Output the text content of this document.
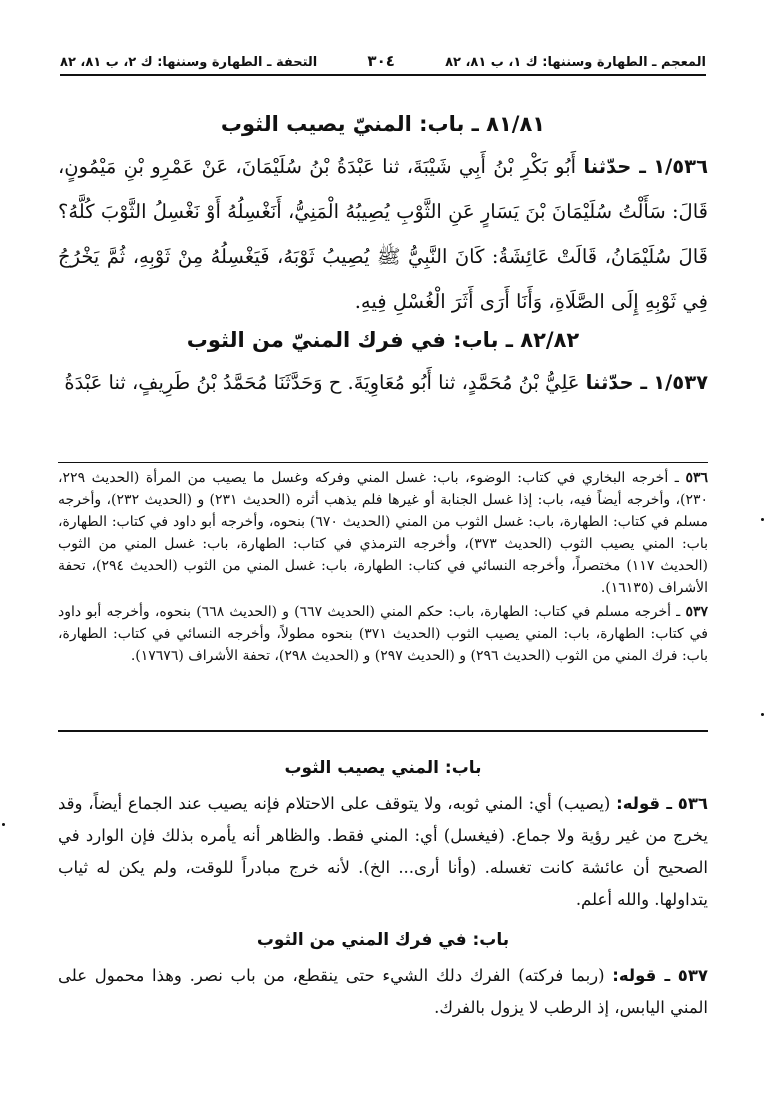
المعجم ـ الطهارة وسننها: ك ١، ب ٨١، ٨٢
٣٠٤
التحفة ـ الطهارة وسننها: ك ٢، ب ٨١، ٨٢
٨١/٨١ ـ باب: المنيّ يصيب الثوب

١/٥٣٦ ـ حدّثنا أَبُو بَكْرِ بْنُ أَبِي شَيْبَةَ، ثنا عَبْدَةُ بْنُ سُلَيْمَانَ، عَنْ عَمْرِو بْنِ مَيْمُونٍ، قَالَ: سَأَلْتُ سُلَيْمَانَ بْنَ يَسَارٍ عَنِ الثَّوْبِ يُصِيبُهُ الْمَنِيُّ، أَنَغْسِلُهُ أَوْ نَغْسِلُ الثَّوْبَ كُلَّهُ؟ قَالَ سُلَيْمَانُ، قَالَتْ عَائِشَةُ: كَانَ النَّبِيُّ ﷺ يُصِيبُ ثَوْبَهُ، فَيَغْسِلُهُ مِنْ ثَوْبِهِ، ثُمَّ يَخْرُجُ فِي ثَوْبِهِ إِلَى الصَّلَاةِ، وَأَنَا أَرَى أَثَرَ الْغُسْلِ فِيهِ.

٨٢/٨٢ ـ باب: في فرك المنيّ من الثوب

١/٥٣٧ ـ حدّثنا عَلِيُّ بْنُ مُحَمَّدٍ، ثنا أَبُو مُعَاوِيَةَ. ح وَحَدَّثَنَا مُحَمَّدُ بْنُ طَرِيفٍ، ثنا عَبْدَةُ

٥٣٦ ـ أخرجه البخاري في كتاب: الوضوء، باب: غسل المني وفركه وغسل ما يصيب من المرأة (الحديث ٢٢٩، ٢٣٠)، وأخرجه أيضاً فيه، باب: إذا غسل الجنابة أو غيرها فلم يذهب أثره (الحديث ٢٣١) و (الحديث ٢٣٢)، وأخرجه مسلم في كتاب: الطهارة، باب: غسل الثوب من المني (الحديث ٦٧٠) بنحوه، وأخرجه أبو داود في كتاب: الطهارة، باب: المني يصيب الثوب (الحديث ٣٧٣)، وأخرجه الترمذي في كتاب: الطهارة، باب: غسل المني من الثوب (الحديث ١١٧) مختصراً، وأخرجه النسائي في كتاب: الطهارة، باب: غسل المني من الثوب (الحديث ٢٩٤)، تحفة الأشراف (١٦١٣٥).

٥٣٧ ـ أخرجه مسلم في كتاب: الطهارة، باب: حكم المني (الحديث ٦٦٧) و (الحديث ٦٦٨) بنحوه، وأخرجه أبو داود في كتاب: الطهارة، باب: المني يصيب الثوب (الحديث ٣٧١) بنحوه مطولاً، وأخرجه النسائي في كتاب: الطهارة، باب: فرك المني من الثوب (الحديث ٢٩٦) و (الحديث ٢٩٧) و (الحديث ٢٩٨)، تحفة الأشراف (١٧٦٧٦).

باب: المني يصيب الثوب

٥٣٦ ـ قوله: (يصيب) أي: المني ثوبه، ولا يتوقف على الاحتلام فإنه يصيب عند الجماع أيضاً، وقد يخرج من غير رؤية ولا جماع. (فيغسل) أي: المني فقط. والظاهر أنه يأمره بذلك فإن الوارد في الصحيح أن عائشة كانت تغسله. (وأنا أرى... الخ). لأنه خرج مبادراً للوقت، ولم يكن له ثياب يتداولها. والله أعلم.

باب: في فرك المني من الثوب

٥٣٧ ـ قوله: (ربما فركته) الفرك دلك الشيء حتى ينقطع، من باب نصر. وهذا محمول على المني اليابس، إذ الرطب لا يزول بالفرك.
